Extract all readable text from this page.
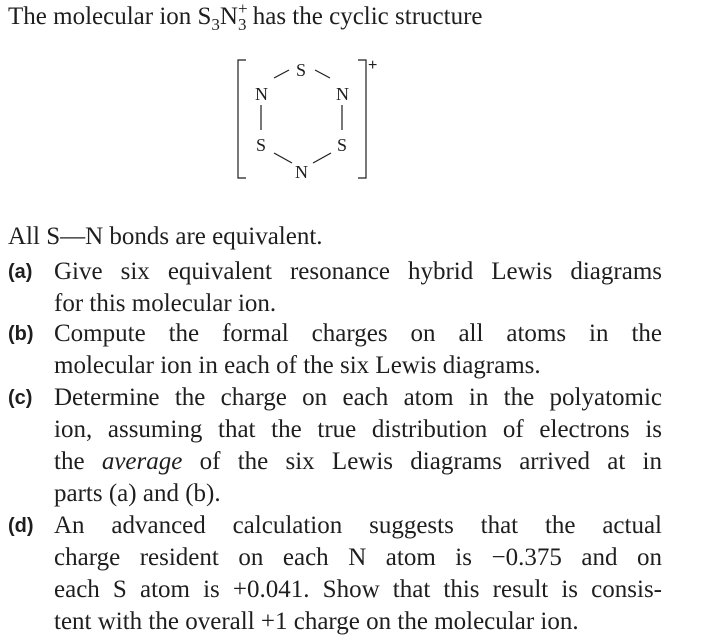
The molecular ion $S_3N_3$
+
has the cyclic structure
+
S
N	N
S	S
N
All S—N bonds are equivalent.
(a) Give six equivalent resonance hybrid Lewis diagrams
for this molecular ion.
(b) Compute the formal charges on all atoms in the
molecular ion in each of the six Lewis diagrams.
(c) Determine the charge on each atom in the polyatomic
ion, assuming that the true distribution of electrons is
the average of the six Lewis diagrams arrived at in
parts (a) and (b).
(d) An advanced calculation suggests that the actual
charge resident on each N atom is −0.375 and on
each S atom is +0.041. Show that this result is consis-
tent with the overall +1 charge on the molecular ion.
